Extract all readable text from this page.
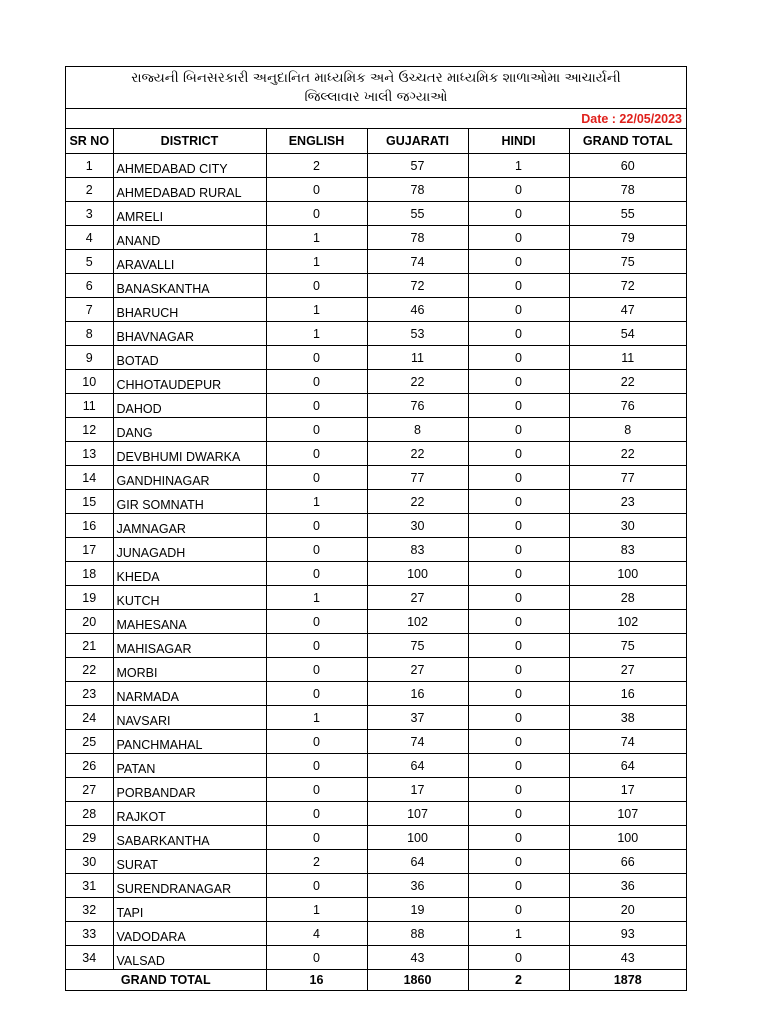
રાજ્યની બિનસરકારી અનુદાનિત માધ્યમિક અને ઉચ્ચતર માધ્યમિક શાળાઓમા આચાર્યની
જિલ્લાવાર ખાલી જગ્યાઓ
Date : 22/05/2023
SR NO	DISTRICT	ENGLISH	GUJARATI	HINDI	GRAND TOTAL
1	AHMEDABAD CITY	2	57	1	60
2	AHMEDABAD RURAL	0	78	0	78
3	AMRELI	0	55	0	55
4	ANAND	1	78	0	79
5	ARAVALLI	1	74	0	75
6	BANASKANTHA	0	72	0	72
7	BHARUCH	1	46	0	47
8	BHAVNAGAR	1	53	0	54
9	BOTAD	0	11	0	11
10	CHHOTAUDEPUR	0	22	0	22
11	DAHOD	0	76	0	76
12	DANG	0	8	0	8
13	DEVBHUMI DWARKA	0	22	0	22
14	GANDHINAGAR	0	77	0	77
15	GIR SOMNATH	1	22	0	23
16	JAMNAGAR	0	30	0	30
17	JUNAGADH	0	83	0	83
18	KHEDA	0	100	0	100
19	KUTCH	1	27	0	28
20	MAHESANA	0	102	0	102
21	MAHISAGAR	0	75	0	75
22	MORBI	0	27	0	27
23	NARMADA	0	16	0	16
24	NAVSARI	1	37	0	38
25	PANCHMAHAL	0	74	0	74
26	PATAN	0	64	0	64
27	PORBANDAR	0	17	0	17
28	RAJKOT	0	107	0	107
29	SABARKANTHA	0	100	0	100
30	SURAT	2	64	0	66
31	SURENDRANAGAR	0	36	0	36
32	TAPI	1	19	0	20
33	VADODARA	4	88	1	93
34	VALSAD	0	43	0	43
GRAND TOTAL		16	1860	2	1878
